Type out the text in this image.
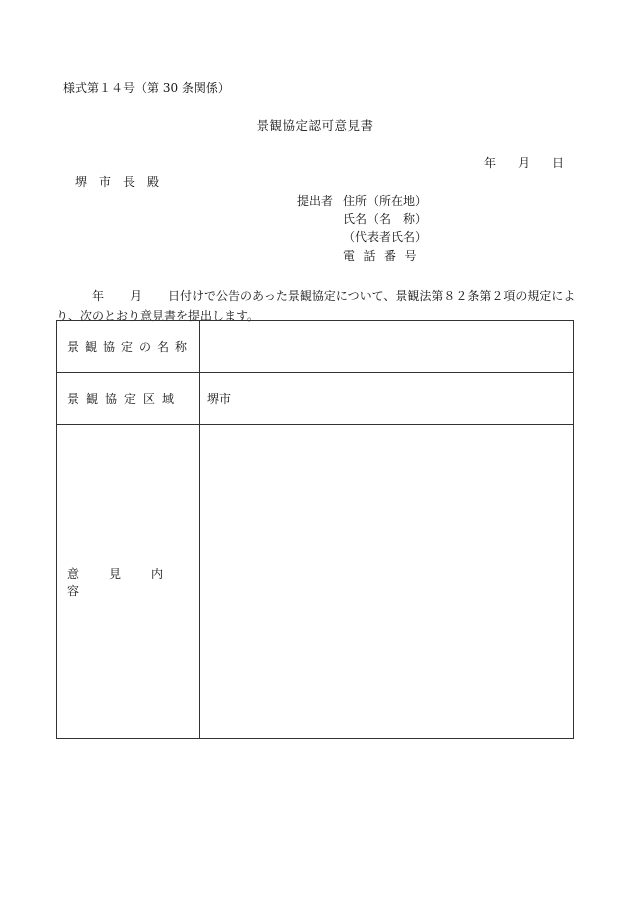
様式第１４号（第 30 条関係）
景観協定認可意見書
年 月 日
堺市長殿
提出者 住所（所在地）
氏名（名　称）
（代表者氏名）
電話番号
年 月 日付けで公告のあった景観協定について、景観法第８２条第２項の規定により、次のとおり意見書を提出します。
景観協定の名称	
景観協定区域	堺市
意見内容	
